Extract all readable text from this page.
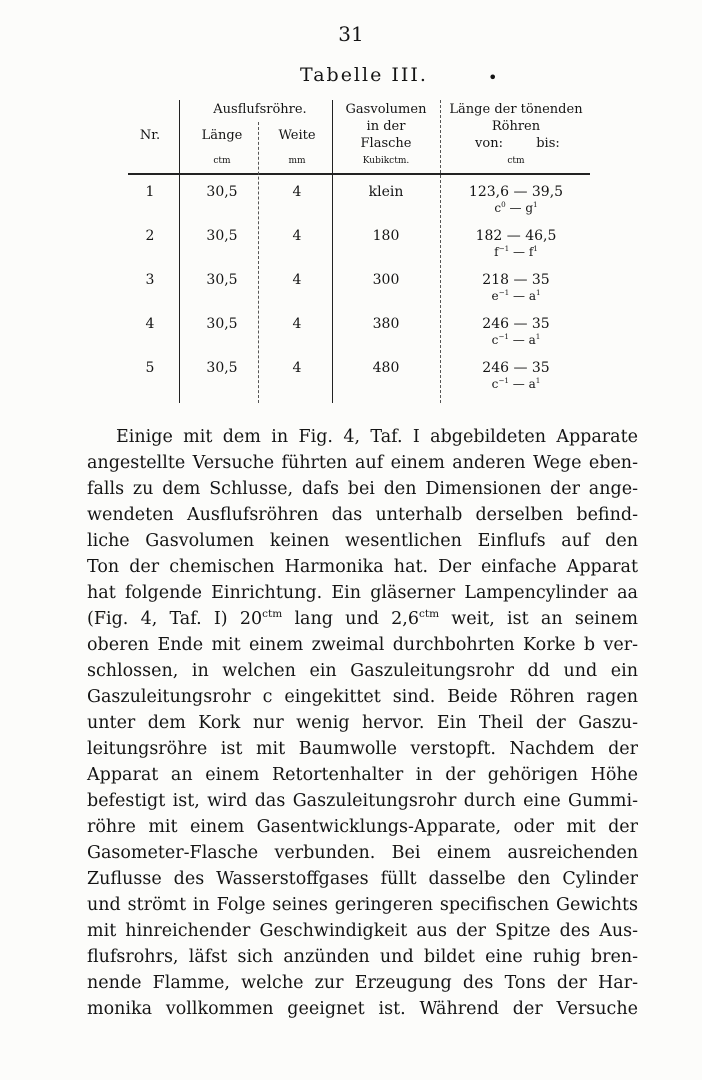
31
Tabelle III.	•
Nr.
Ausflufsröhre.
Länge	Weite
Gasvolumen
in der
Flasche
Länge der tönenden
Röhren
von:	bis:
ctm	mm	Kubikctm.	ctm
1	30,5	4	klein	123,6 — 39,5
$c^0$ — $g^1$
2	30,5	4	180	182 — 46,5
$f^{-1}$ — $f^1$
3	30,5	4	300	218 — 35
$e^{-1}$ — $a^1$
4	30,5	4	380	246 — 35
$c^{-1}$ — $a^1$
5	30,5	4	480	246 — 35
$c^{-1}$ — $a^1$

Einige mit dem in Fig. 4, Taf. I abgebildeten Apparate

angestellte Versuche führten auf einem anderen Wege eben-

falls zu dem Schlusse, dafs bei den Dimensionen der ange-

wendeten Ausflufsröhren das unterhalb derselben befind-

liche Gasvolumen keinen wesentlichen Einflufs auf den

Ton der chemischen Harmonika hat. Der einfache Apparat

hat folgende Einrichtung. Ein gläserner Lampencylinder aa

(Fig. 4, Taf. I) $20^{ctm}$ lang und $2,6^{ctm}$ weit, ist an seinem

oberen Ende mit einem zweimal durchbohrten Korke b ver-

schlossen, in welchen ein Gaszuleitungsrohr dd und ein

Gaszuleitungsrohr c eingekittet sind. Beide Röhren ragen

unter dem Kork nur wenig hervor. Ein Theil der Gaszu-

leitungsröhre ist mit Baumwolle verstopft. Nachdem der

Apparat an einem Retortenhalter in der gehörigen Höhe

befestigt ist, wird das Gaszuleitungsrohr durch eine Gummi-

röhre mit einem Gasentwicklungs-Apparate, oder mit der

Gasometer-Flasche verbunden. Bei einem ausreichenden

Zuflusse des Wasserstoffgases füllt dasselbe den Cylinder

und strömt in Folge seines geringeren specifischen Gewichts

mit hinreichender Geschwindigkeit aus der Spitze des Aus-

flufsrohrs, läfst sich anzünden und bildet eine ruhig bren-

nende Flamme, welche zur Erzeugung des Tons der Har-

monika vollkommen geeignet ist. Während der Versuche
